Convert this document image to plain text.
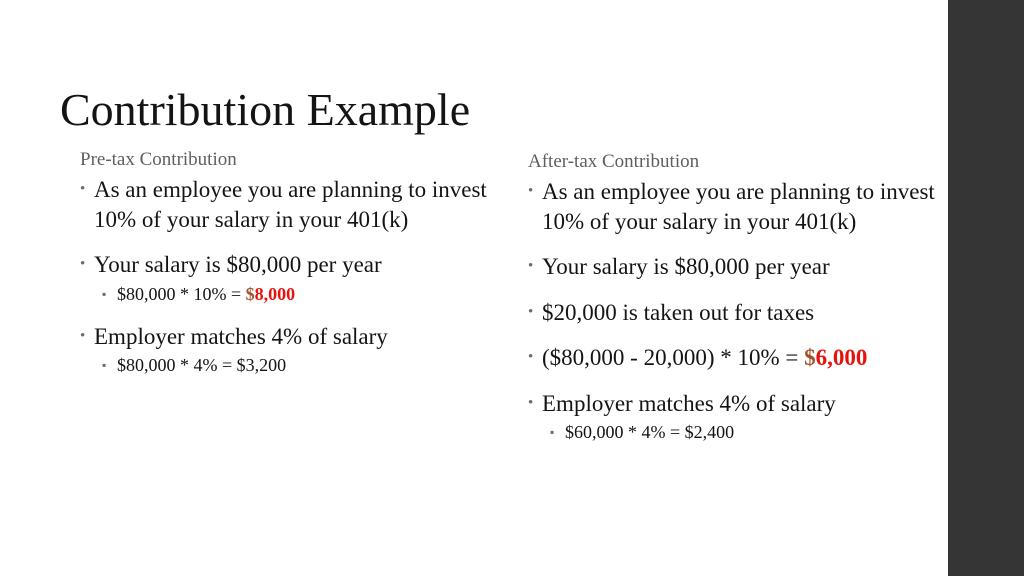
Contribution Example
Pre-tax Contribution
• As an employee you are planning to invest 10% of your salary in your 401(k)
• Your salary is $80,000 per year
▪ $80,000 * 10% = $8,000
• Employer matches 4% of salary
▪ $80,000 * 4% = $3,200
After-tax Contribution
• As an employee you are planning to invest 10% of your salary in your 401(k)
• Your salary is $80,000 per year
• $20,000 is taken out for taxes
• ($80,000 - 20,000) * 10% = $6,000
• Employer matches 4% of salary
▪ $60,000 * 4% = $2,400
